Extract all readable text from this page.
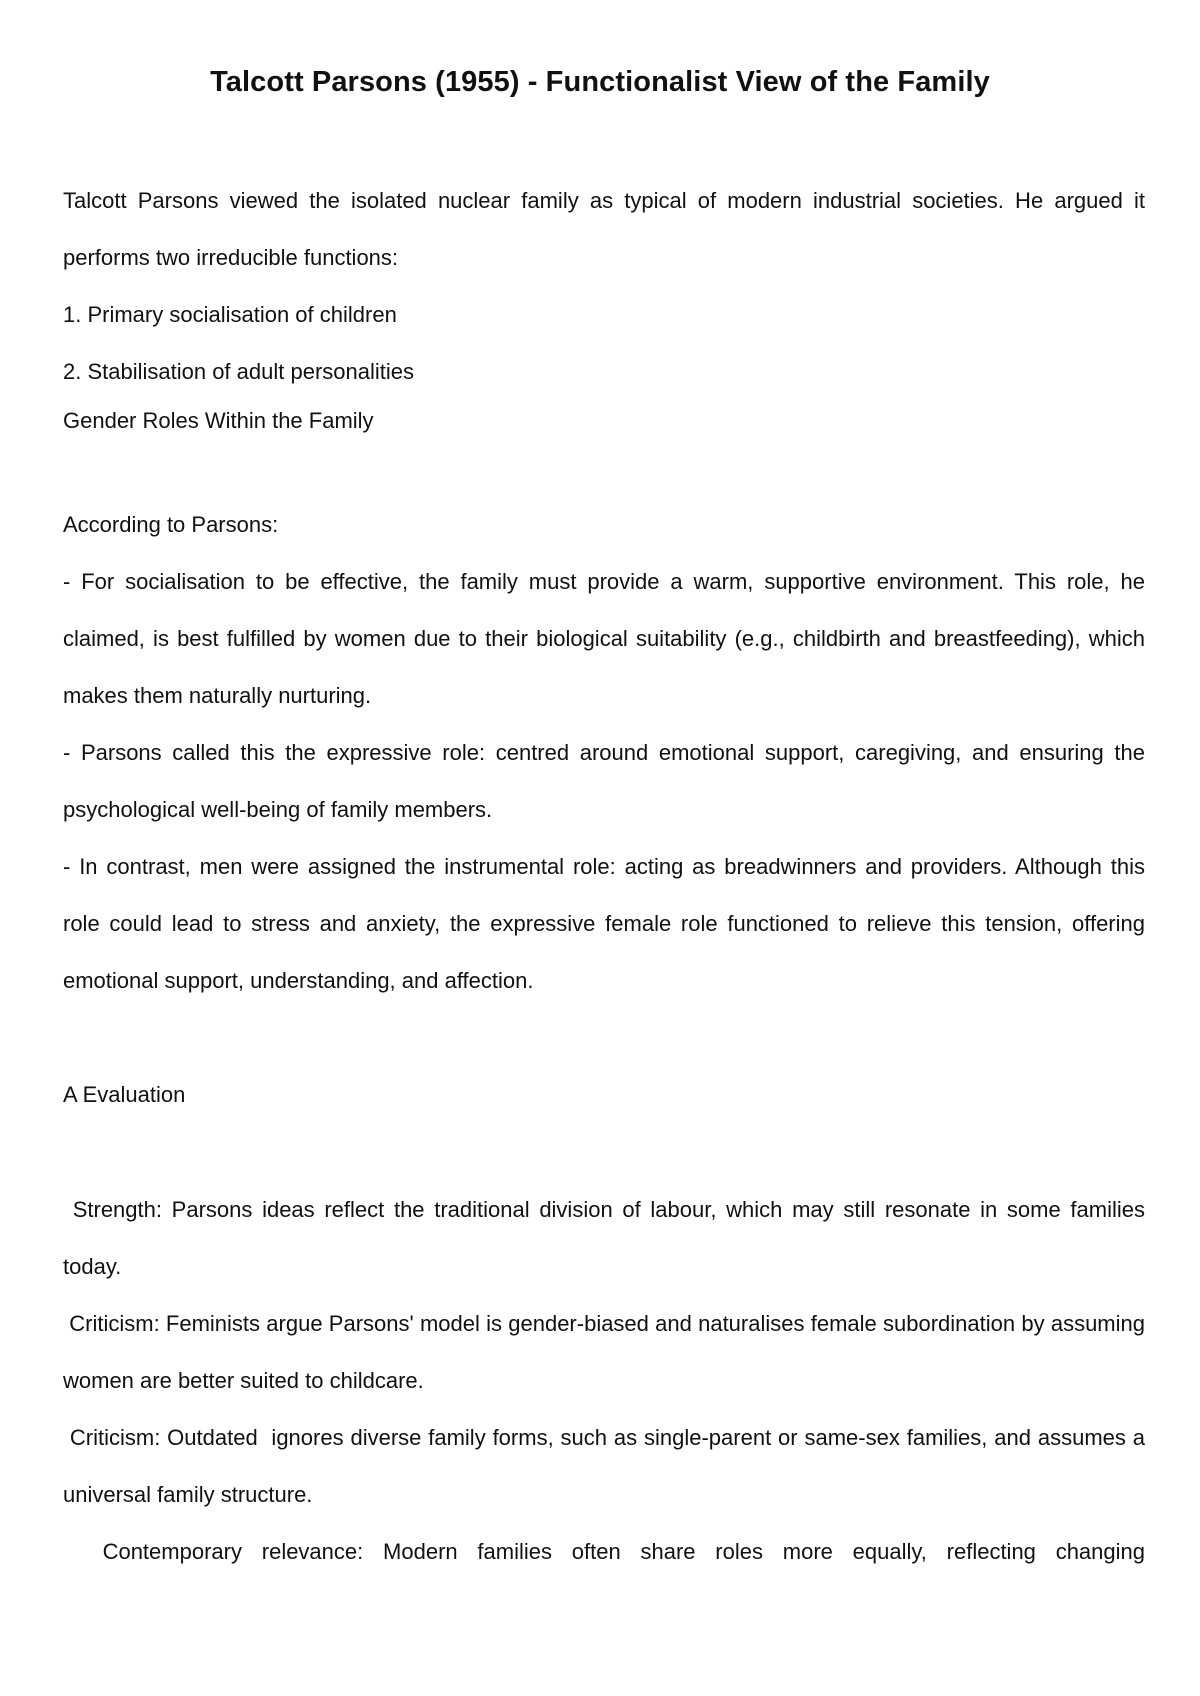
Talcott Parsons (1955) - Functionalist View of the Family

Talcott Parsons viewed the isolated nuclear family as typical of modern industrial societies. He argued it performs two irreducible functions:

1. Primary socialisation of children

2. Stabilisation of adult personalities

Gender Roles Within the Family

According to Parsons:

- For socialisation to be effective, the family must provide a warm, supportive environment. This role, he claimed, is best fulfilled by women due to their biological suitability (e.g., childbirth and breastfeeding), which makes them naturally nurturing.

- Parsons called this the expressive role: centred around emotional support, caregiving, and ensuring the psychological well-being of family members.

- In contrast, men were assigned the instrumental role: acting as breadwinners and providers. Although this role could lead to stress and anxiety, the expressive female role functioned to relieve this tension, offering emotional support, understanding, and affection.

A Evaluation

Strength: Parsons ideas reflect the traditional division of labour, which may still resonate in some families today.

Criticism: Feminists argue Parsons' model is gender-biased and naturalises female subordination by assuming women are better suited to childcare.

Criticism: Outdated  ignores diverse family forms, such as single-parent or same-sex families, and assumes a universal family structure.

Contemporary relevance: Modern families often share roles more equally, reflecting changing
